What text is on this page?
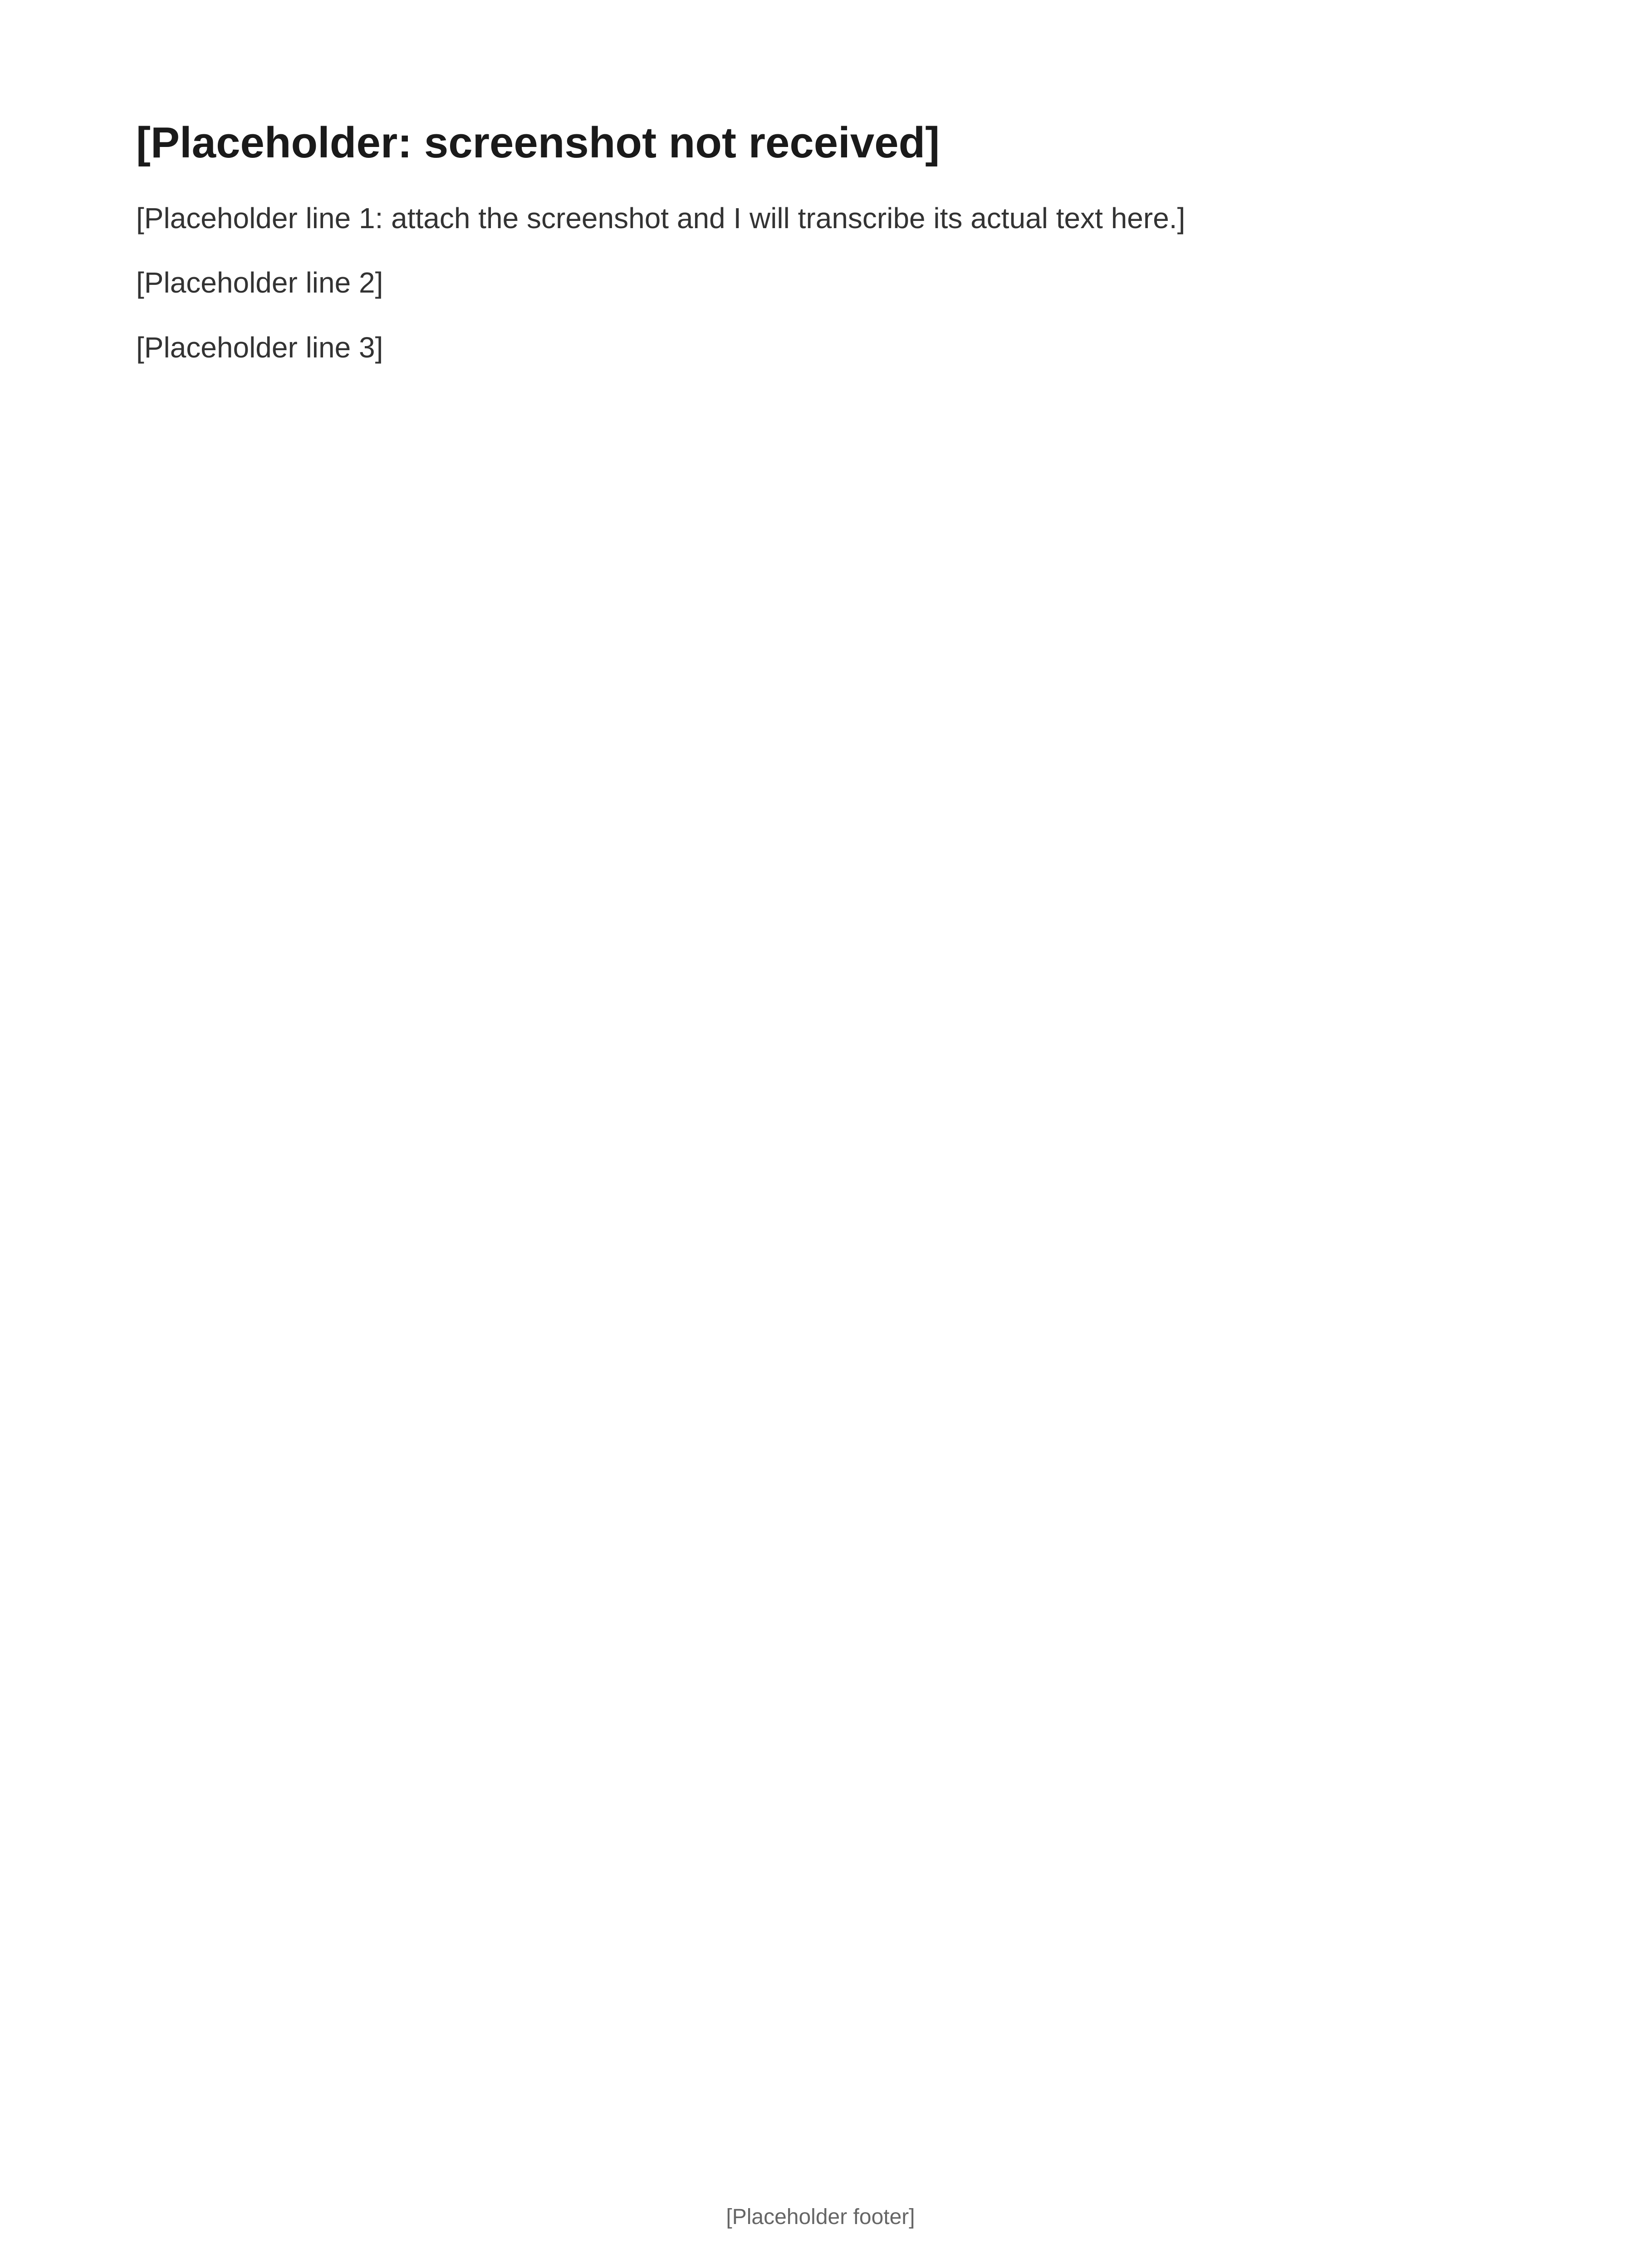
[Placeholder: screenshot not received]

[Placeholder line 1: attach the screenshot and I will transcribe its actual text here.]

[Placeholder line 2]

[Placeholder line 3]

[Placeholder footer]
